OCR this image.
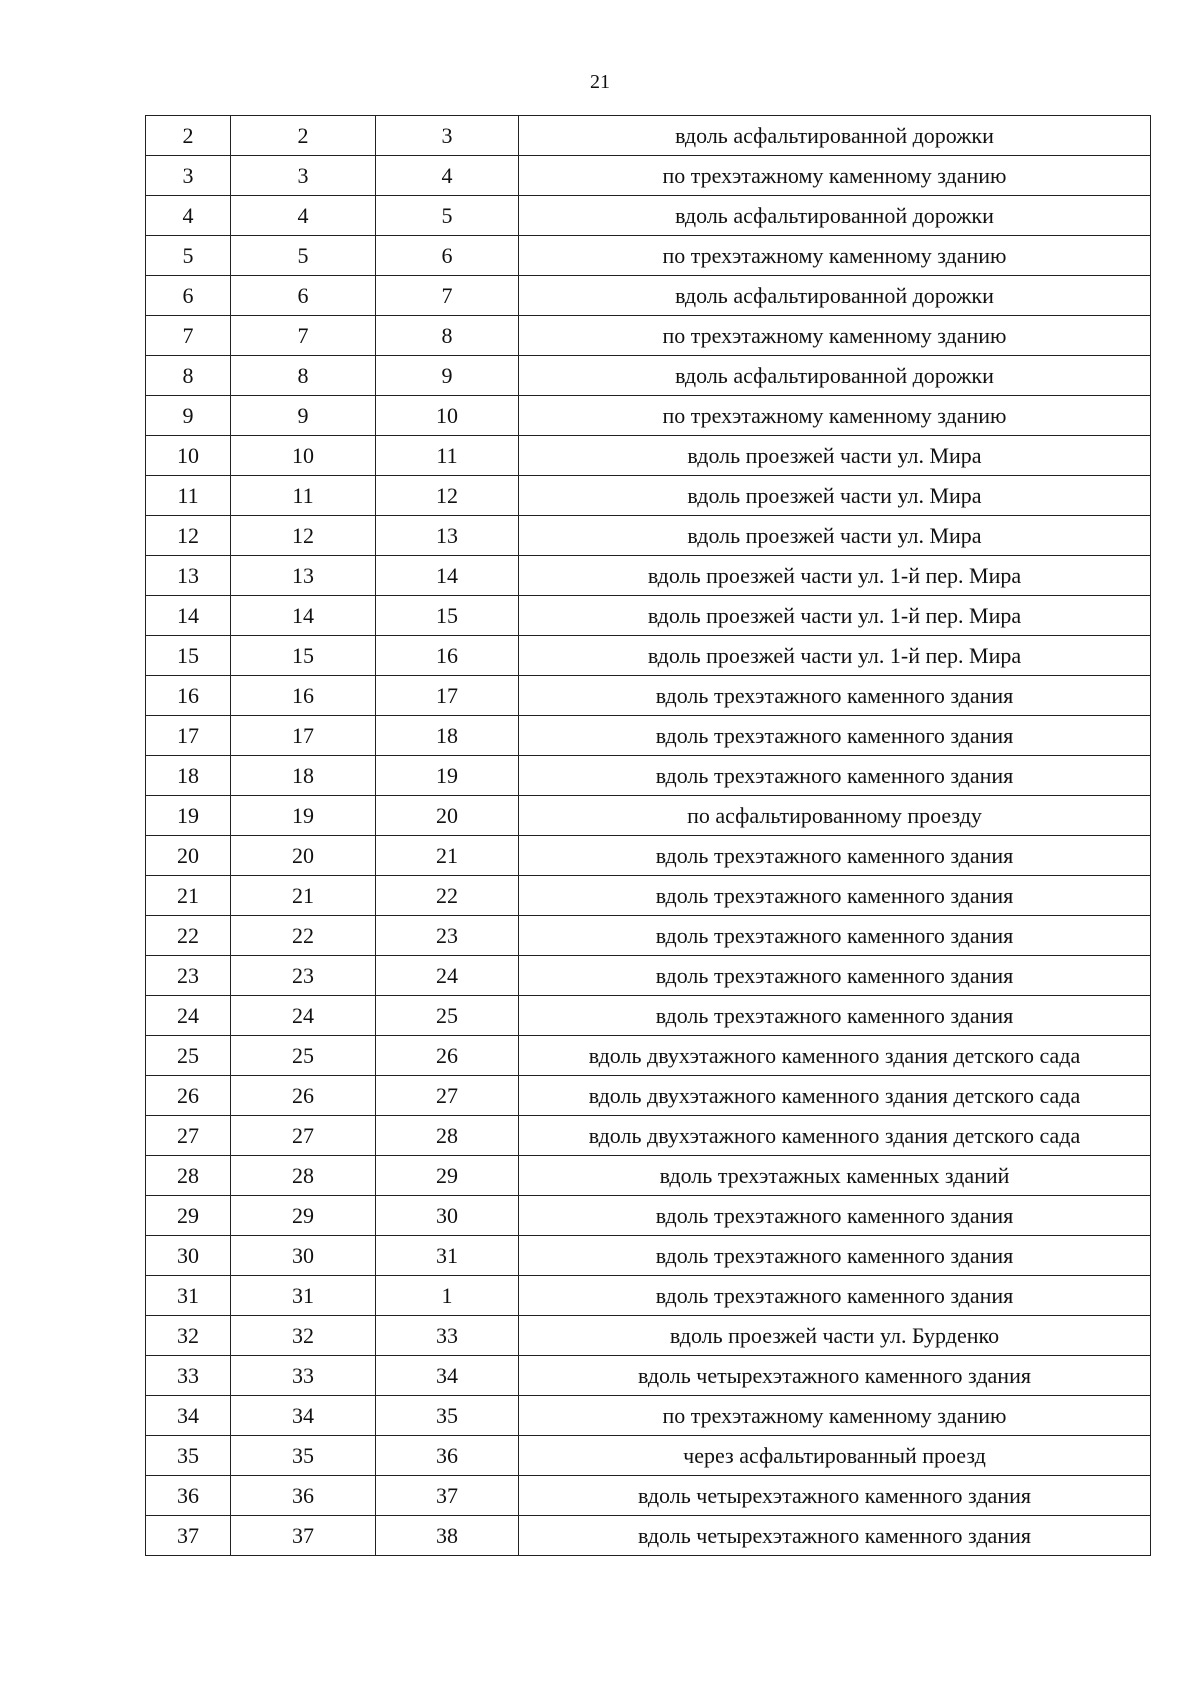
21
2	2	3	вдоль асфальтированной дорожки
3	3	4	по трехэтажному каменному зданию
4	4	5	вдоль асфальтированной дорожки
5	5	6	по трехэтажному каменному зданию
6	6	7	вдоль асфальтированной дорожки
7	7	8	по трехэтажному каменному зданию
8	8	9	вдоль асфальтированной дорожки
9	9	10	по трехэтажному каменному зданию
10	10	11	вдоль проезжей части ул. Мира
11	11	12	вдоль проезжей части ул. Мира
12	12	13	вдоль проезжей части ул. Мира
13	13	14	вдоль проезжей части ул. 1-й пер. Мира
14	14	15	вдоль проезжей части ул. 1-й пер. Мира
15	15	16	вдоль проезжей части ул. 1-й пер. Мира
16	16	17	вдоль трехэтажного каменного здания
17	17	18	вдоль трехэтажного каменного здания
18	18	19	вдоль трехэтажного каменного здания
19	19	20	по асфальтированному проезду
20	20	21	вдоль трехэтажного каменного здания
21	21	22	вдоль трехэтажного каменного здания
22	22	23	вдоль трехэтажного каменного здания
23	23	24	вдоль трехэтажного каменного здания
24	24	25	вдоль трехэтажного каменного здания
25	25	26	вдоль двухэтажного каменного здания детского сада
26	26	27	вдоль двухэтажного каменного здания детского сада
27	27	28	вдоль двухэтажного каменного здания детского сада
28	28	29	вдоль трехэтажных каменных зданий
29	29	30	вдоль трехэтажного каменного здания
30	30	31	вдоль трехэтажного каменного здания
31	31	1	вдоль трехэтажного каменного здания
32	32	33	вдоль проезжей части ул. Бурденко
33	33	34	вдоль четырехэтажного каменного здания
34	34	35	по трехэтажному каменному зданию
35	35	36	через асфальтированный проезд
36	36	37	вдоль четырехэтажного каменного здания
37	37	38	вдоль четырехэтажного каменного здания
